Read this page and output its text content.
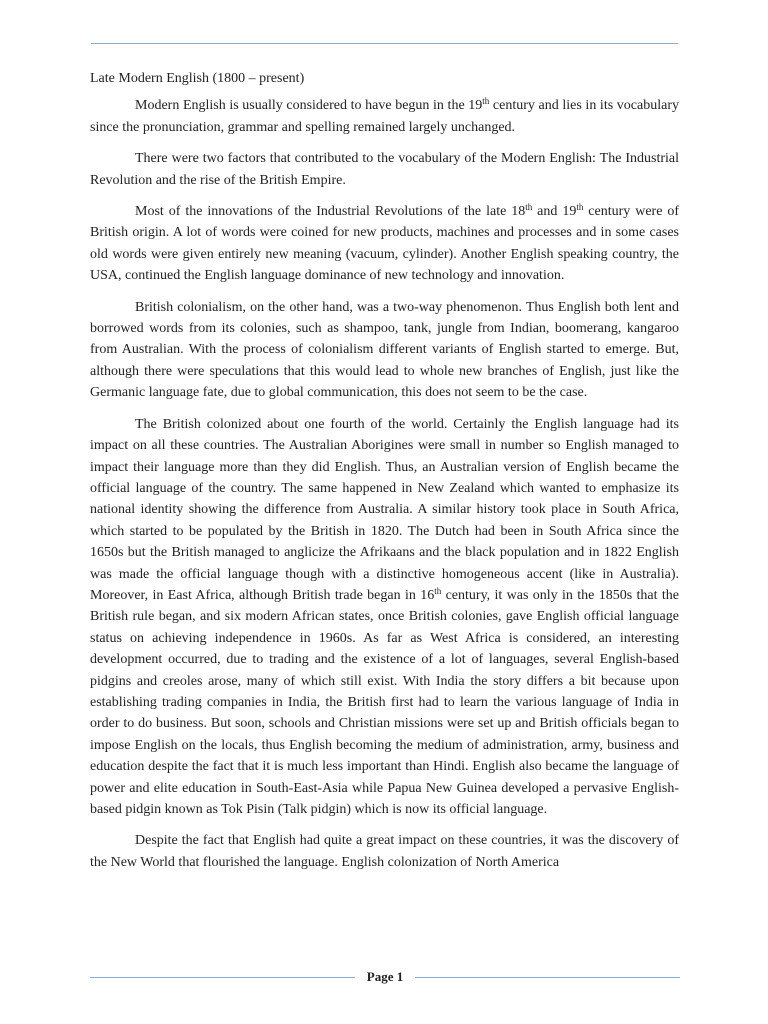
Late Modern English (1800 – present)

Modern English is usually considered to have begun in the 19th century and lies in its vocabulary since the pronunciation, grammar and spelling remained largely unchanged.

There were two factors that contributed to the vocabulary of the Modern English: The Industrial Revolution and the rise of the British Empire.

Most of the innovations of the Industrial Revolutions of the late 18th and 19th century were of British origin. A lot of words were coined for new products, machines and processes and in some cases old words were given entirely new meaning (vacuum, cylinder). Another English speaking country, the USA, continued the English language dominance of new technology and innovation.

British colonialism, on the other hand, was a two-way phenomenon. Thus English both lent and borrowed words from its colonies, such as shampoo, tank, jungle from Indian, boomerang, kangaroo from Australian. With the process of colonialism different variants of English started to emerge. But, although there were speculations that this would lead to whole new branches of English, just like the Germanic language fate, due to global communication, this does not seem to be the case.

The British colonized about one fourth of the world. Certainly the English language had its impact on all these countries. The Australian Aborigines were small in number so English managed to impact their language more than they did English. Thus, an Australian version of English became the official language of the country. The same happened in New Zealand which wanted to emphasize its national identity showing the difference from Australia. A similar history took place in South Africa, which started to be populated by the British in 1820. The Dutch had been in South Africa since the 1650s but the British managed to anglicize the Afrikaans and the black population and in 1822 English was made the official language though with a distinctive homogeneous accent (like in Australia). Moreover, in East Africa, although British trade began in 16th century, it was only in the 1850s that the British rule began, and six modern African states, once British colonies, gave English official language status on achieving independence in 1960s. As far as West Africa is considered, an interesting development occurred, due to trading and the existence of a lot of languages, several English-based pidgins and creoles arose, many of which still exist. With India the story differs a bit because upon establishing trading companies in India, the British first had to learn the various language of India in order to do business. But soon, schools and Christian missions were set up and British officials began to impose English on the locals, thus English becoming the medium of administration, army, business and education despite the fact that it is much less important than Hindi. English also became the language of power and elite education in South-East-Asia while Papua New Guinea developed a pervasive English-based pidgin known as Tok Pisin (Talk pidgin) which is now its official language.

Despite the fact that English had quite a great impact on these countries, it was the discovery of the New World that flourished the language. English colonization of North America

Page 1
